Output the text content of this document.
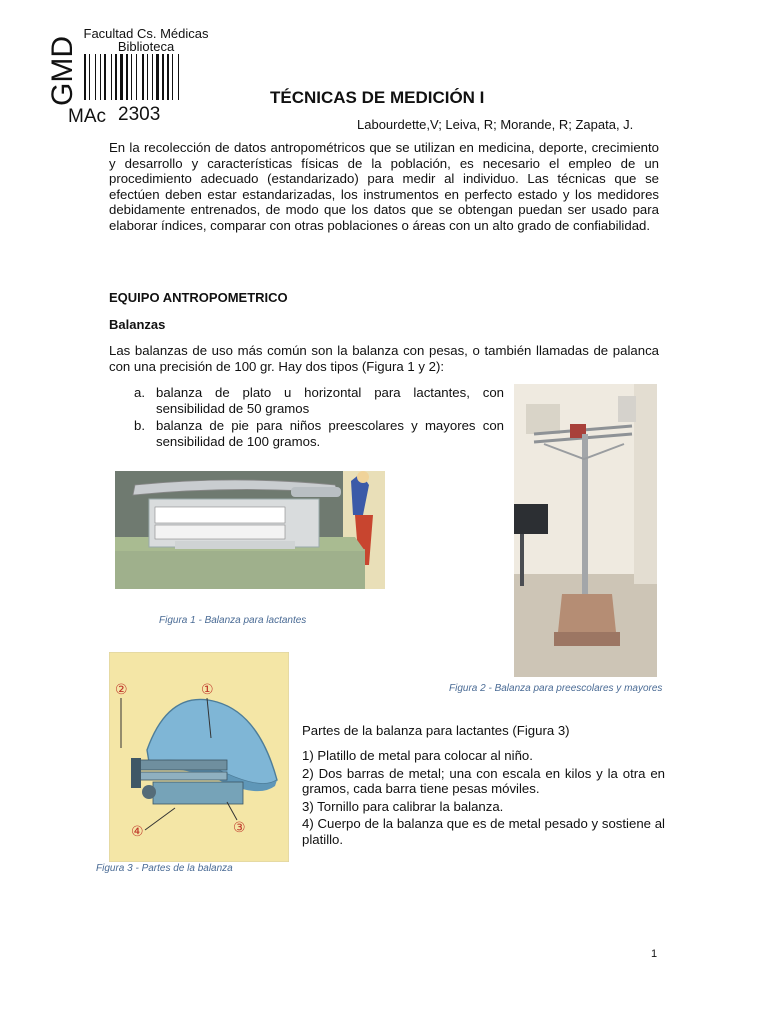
GMD
Facultad Cs. Médicas
Biblioteca
MAc 2303
TÉCNICAS DE MEDICIÓN I
Labourdette,V; Leiva, R; Morande, R; Zapata, J.
En la recolección de datos antropométricos que se utilizan en medicina, deporte, crecimiento y desarrollo y características físicas de la población, es necesario el empleo de un procedimiento adecuado (estandarizado) para medir al individuo. Las técnicas que se efectúen deben estar estandarizadas, los instrumentos en perfecto estado y los medidores debidamente entrenados, de modo que los datos que se obtengan puedan ser usado para elaborar índices, comparar con otras poblaciones o áreas con un alto grado de confiabilidad.
EQUIPO ANTROPOMETRICO
Balanzas
Las balanzas de uso más común son la balanza con pesas, o también llamadas de palanca con una precisión de 100 gr. Hay dos tipos (Figura 1 y 2):
a. balanza de plato u horizontal para lactantes, con sensibilidad de 50 gramos
b. balanza de pie para niños preescolares y mayores con sensibilidad de 100 gramos.
Figura 1 - Balanza para lactantes
Figura 2 - Balanza para preescolares y mayores
②	①
③
④
Figura 3 - Partes de la balanza
Partes de la balanza para lactantes (Figura 3)
1) Platillo de metal para colocar al niño.
2) Dos barras de metal; una con escala en kilos y la otra en gramos, cada barra tiene pesas móviles.
3) Tornillo para calibrar la balanza.
4) Cuerpo de la balanza que es de metal pesado y sostiene al platillo.
1
